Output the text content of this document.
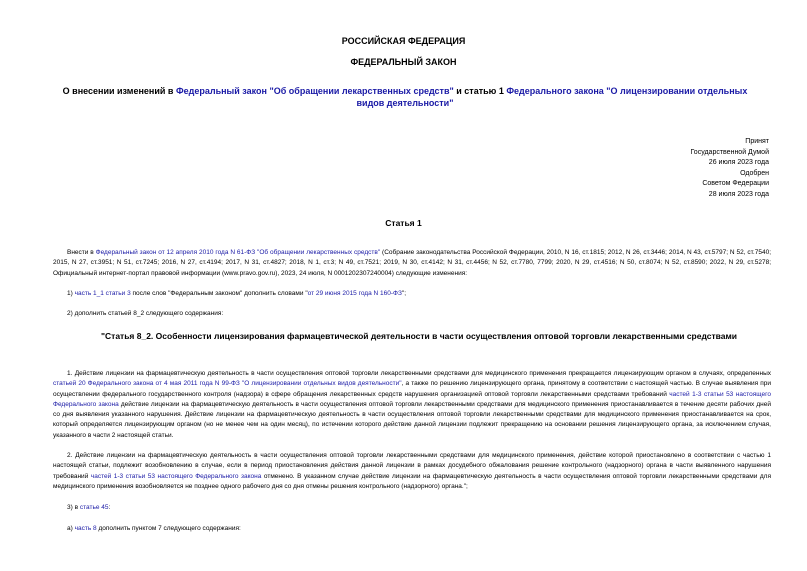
РОССИЙСКАЯ ФЕДЕРАЦИЯ
ФЕДЕРАЛЬНЫЙ ЗАКОН
О внесении изменений в Федеральный закон "Об обращении лекарственных средств" и статью 1 Федерального закона "О лицензировании отдельных видов деятельности"
Принят
Государственной Думой
26 июля 2023 года
Одобрен
Советом Федерации
28 июля 2023 года
Статья 1
Внести в Федеральный закон от 12 апреля 2010 года N 61-ФЗ "Об обращении лекарственных средств" (Собрание законодательства Российской Федерации, 2010, N 16, ст.1815; 2012, N 26, ст.3446; 2014, N 43, ст.5797; N 52, ст.7540; 2015, N 27, ст.3951; N 51, ст.7245; 2016, N 27, ст.4194; 2017, N 31, ст.4827; 2018, N 1, ст.3; N 49, ст.7521; 2019, N 30, ст.4142; N 31, ст.4456; N 52, ст.7780, 7799; 2020, N 29, ст.4516; N 50, ст.8074; N 52, ст.8590; 2022, N 29, ст.5278; Официальный интернет-портал правовой информации (www.pravo.gov.ru), 2023, 24 июля, N 0001202307240004) следующие изменения:
1) часть 1_1 статьи 3 после слов "Федеральным законом" дополнить словами "от 29 июня 2015 года N 160-ФЗ";
2) дополнить статьей 8_2 следующего содержания:
"Статья 8_2. Особенности лицензирования фармацевтической деятельности в части осуществления оптовой торговли лекарственными средствами
1. Действие лицензии на фармацевтическую деятельность в части осуществления оптовой торговли лекарственными средствами для медицинского применения прекращается лицензирующим органом в случаях, определенных статьей 20 Федерального закона от 4 мая 2011 года N 99-ФЗ "О лицензировании отдельных видов деятельности", а также по решению лицензирующего органа, принятому в соответствии с настоящей частью. В случае выявления при осуществлении федерального государственного контроля (надзора) в сфере обращения лекарственных средств нарушения организацией оптовой торговли лекарственными средствами требований частей 1-3 статьи 53 настоящего Федерального закона действие лицензии на фармацевтическую деятельность в части осуществления оптовой торговли лекарственными средствами для медицинского применения приостанавливается в течение десяти рабочих дней со дня выявления указанного нарушения. Действие лицензии на фармацевтическую деятельность в части осуществления оптовой торговли лекарственными средствами для медицинского применения приостанавливается на срок, который определяется лицензирующим органом (но не менее чем на один месяц), по истечении которого действие данной лицензии подлежит прекращению на основании решения лицензирующего органа, за исключением случая, указанного в части 2 настоящей статьи.
2. Действие лицензии на фармацевтическую деятельность в части осуществления оптовой торговли лекарственными средствами для медицинского применения, действие которой приостановлено в соответствии с частью 1 настоящей статьи, подлежит возобновлению в случае, если в период приостановления действия данной лицензии в рамках досудебного обжалования решение контрольного (надзорного) органа в части выявленного нарушения требований частей 1-3 статьи 53 настоящего Федерального закона отменено. В указанном случае действие лицензии на фармацевтическую деятельность в части осуществления оптовой торговли лекарственными средствами для медицинского применения возобновляется не позднее одного рабочего дня со дня отмены решения контрольного (надзорного) органа.";
3) в статье 45:
а) часть 8 дополнить пунктом 7 следующего содержания:
